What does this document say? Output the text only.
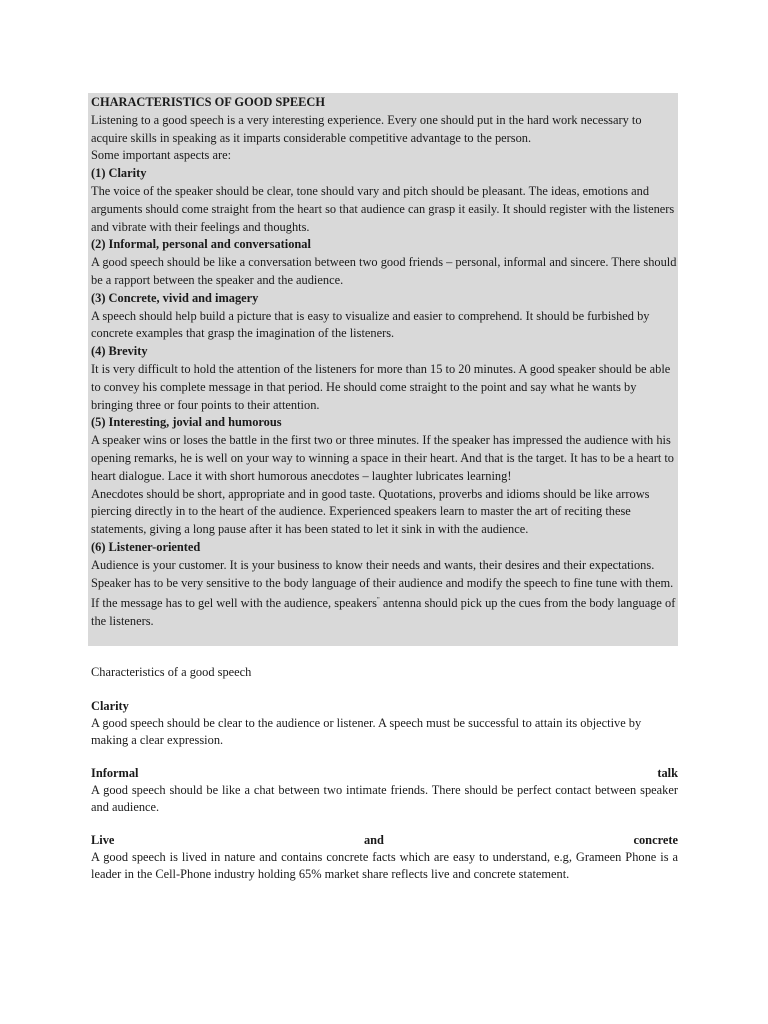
CHARACTERISTICS OF GOOD SPEECH

Listening to a good speech is a very interesting experience. Every one should put in the hard work necessary to acquire skills in speaking as it imparts considerable competitive advantage to the person.

Some important aspects are:

(1) Clarity

The voice of the speaker should be clear, tone should vary and pitch should be pleasant. The ideas, emotions and arguments should come straight from the heart so that audience can grasp it easily. It should register with the listeners and vibrate with their feelings and thoughts.

(2) Informal, personal and conversational

A good speech should be like a conversation between two good friends – personal, informal and sincere. There should be a rapport between the speaker and the audience.

(3) Concrete, vivid and imagery

A speech should help build a picture that is easy to visualize and easier to comprehend. It should be furbished by concrete examples that grasp the imagination of the listeners.

(4) Brevity

It is very difficult to hold the attention of the listeners for more than 15 to 20 minutes. A good speaker should be able to convey his complete message in that period. He should come straight to the point and say what he wants by bringing three or four points to their attention.

(5) Interesting, jovial and humorous

A speaker wins or loses the battle in the first two or three minutes. If the speaker has impressed the audience with his opening remarks, he is well on your way to winning a space in their heart. And that is the target. It has to be a heart to heart dialogue. Lace it with short humorous anecdotes – laughter lubricates learning!

Anecdotes should be short, appropriate and in good taste. Quotations, proverbs and idioms should be like arrows piercing directly in to the heart of the audience. Experienced speakers learn to master the art of reciting these statements, giving a long pause after it has been stated to let it sink in with the audience.

(6) Listener-oriented

Audience is your customer. It is your business to know their needs and wants, their desires and their expectations. Speaker has to be very sensitive to the body language of their audience and modify the speech to fine tune with them. If the message has to gel well with the audience, speakers" antenna should pick up the cues from the body language of the listeners.

Characteristics of a good speech

Clarity

A good speech should be clear to the audience or listener. A speech must be successful to attain its objective by making a clear expression.

Informal	talk

A good speech should be like a chat between two intimate friends. There should be perfect contact between speaker and audience.

Live	and	concrete

A good speech is lived in nature and contains concrete facts which are easy to understand, e.g, Grameen Phone is a leader in the Cell-Phone industry holding 65% market share reflects live and concrete statement.
